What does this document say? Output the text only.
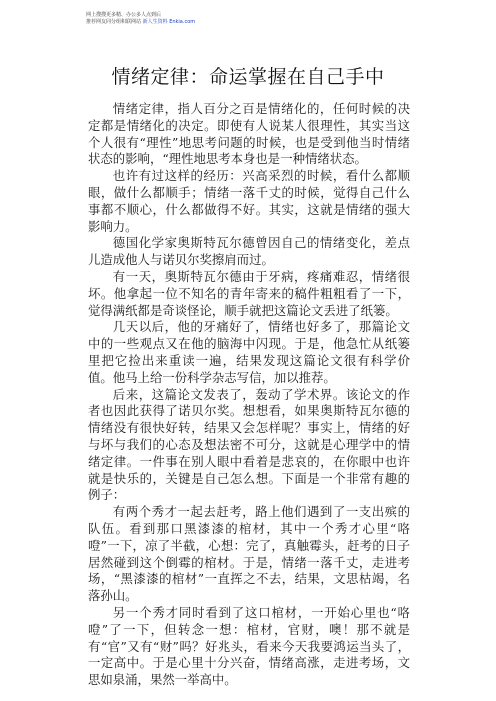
网上搜搜更多精、办公多人点到后
推荐网友同分组积联网站 新人生资料 Enkia.com
情绪定律：命运掌握在自己手中

情绪定律，指人百分之百是情绪化的，任何时候的决定都是情绪化的决定。即使有人说某人很理性，其实当这个人很有“理性”地思考问题的时候，也是受到他当时情绪状态的影响，“理性地思考本身也是一种情绪状态。

也许有过这样的经历：兴高采烈的时候，看什么都顺眼，做什么都顺手；情绪一落千丈的时候，觉得自己什么事都不顺心，什么都做得不好。其实，这就是情绪的强大影响力。

德国化学家奥斯特瓦尔德曾因自己的情绪变化，差点儿造成他人与诺贝尔奖擦肩而过。

有一天，奥斯特瓦尔德由于牙病，疼痛难忍，情绪很坏。他拿起一位不知名的青年寄来的稿件粗粗看了一下，觉得满纸都是奇谈怪论，顺手就把这篇论文丢进了纸篓。

几天以后，他的牙痛好了，情绪也好多了，那篇论文中的一些观点又在他的脑海中闪现。于是，他急忙从纸篓里把它捡出来重读一遍，结果发现这篇论文很有科学价值。他马上给一份科学杂志写信，加以推荐。

后来，这篇论文发表了，轰动了学术界。该论文的作者也因此获得了诺贝尔奖。想想看，如果奥斯特瓦尔德的情绪没有很快好转，结果又会怎样呢？事实上，情绪的好与坏与我们的心态及想法密不可分，这就是心理学中的情绪定律。一件事在别人眼中看着是悲哀的，在你眼中也许就是快乐的，关键是自己怎么想。下面是一个非常有趣的例子：

有两个秀才一起去赶考，路上他们遇到了一支出殡的队伍。看到那口黑漆漆的棺材，其中一个秀才心里“咯噔”一下，凉了半截，心想：完了，真触霉头，赶考的日子居然碰到这个倒霉的棺材。于是，情绪一落千丈，走进考场，“黑漆漆的棺材”一直挥之不去，结果，文思枯竭，名落孙山。

另一个秀才同时看到了这口棺材，一开始心里也“咯噔”了一下，但转念一想：棺材，官财，噢！那不就是有“官”又有“财”吗？好兆头，看来今天我要鸿运当头了，一定高中。于是心里十分兴奋，情绪高涨，走进考场，文思如泉涌，果然一举高中。
